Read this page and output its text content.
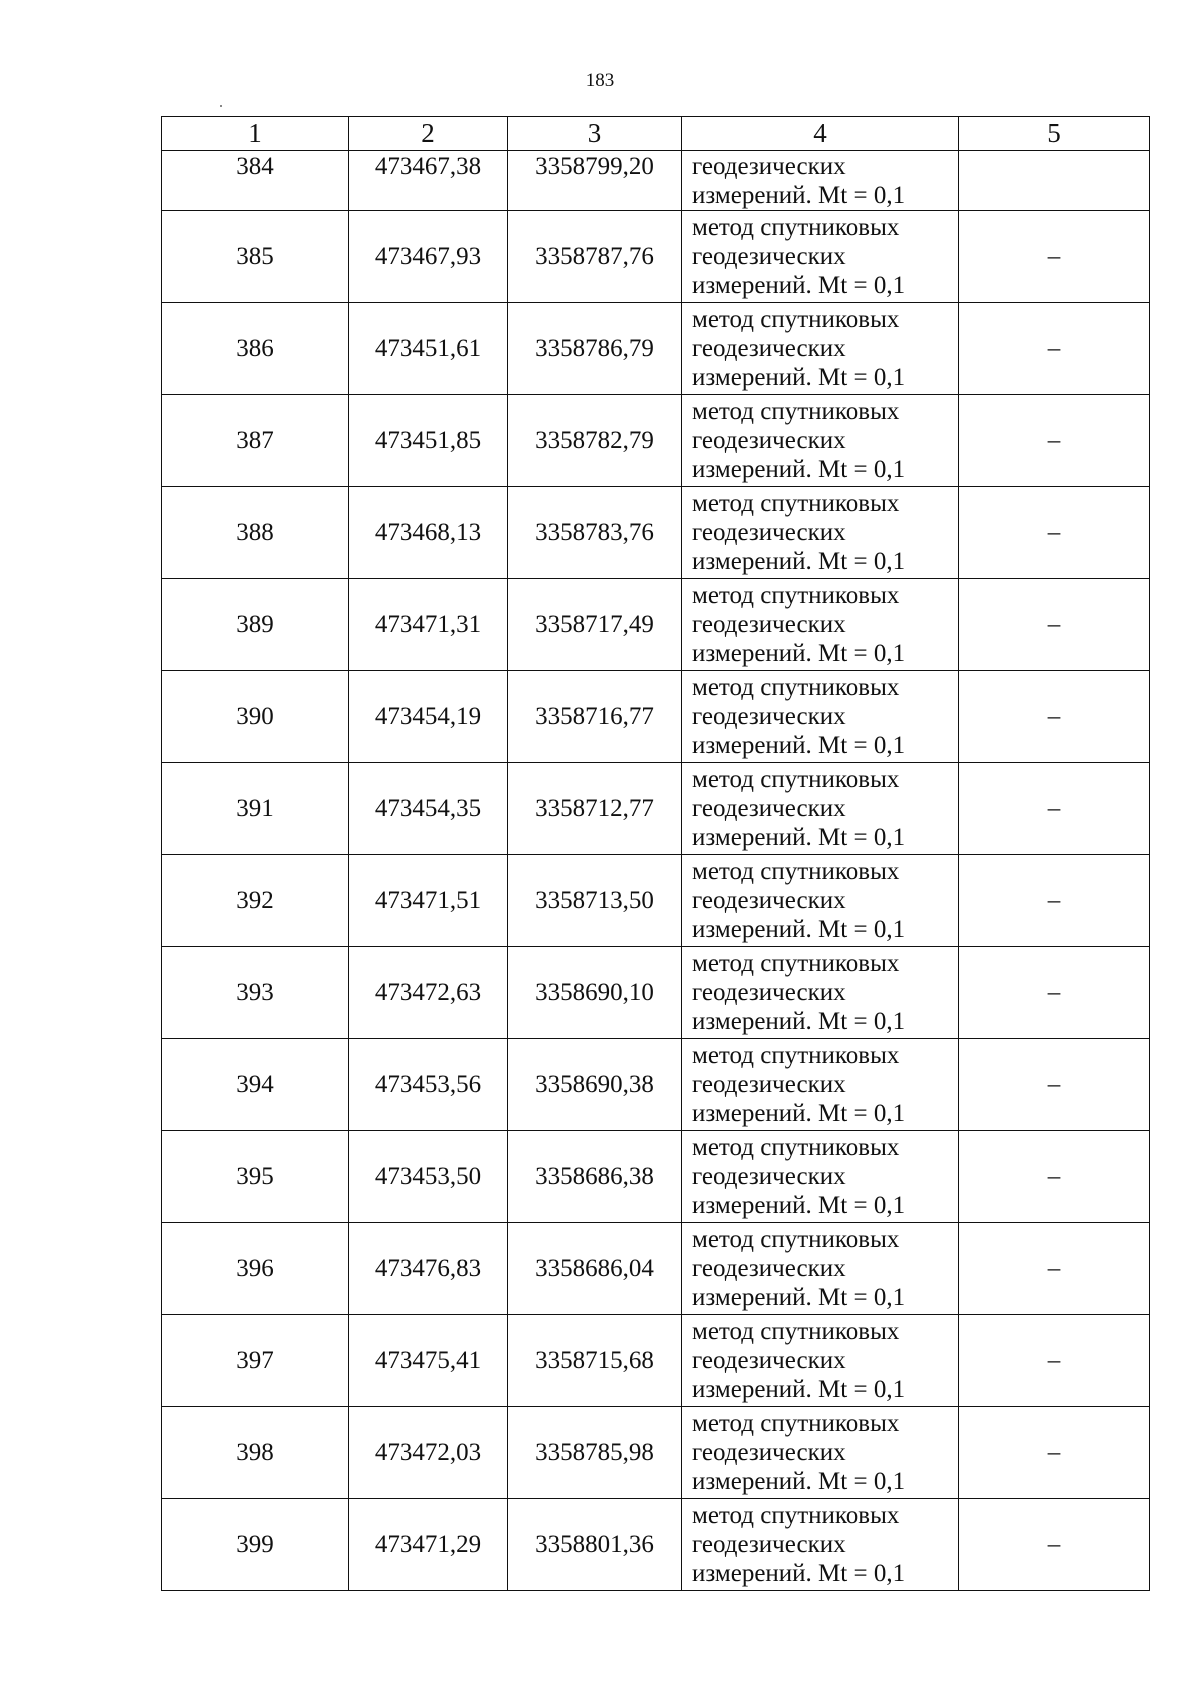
183
1	2	3	4	5
384	473467,38	3358799,20	геодезических
измерений. Mt = 0,1	

385	473467,93	3358787,76	метод спутниковых
геодезических
измерений. Mt = 0,1	–
386	473451,61	3358786,79	метод спутниковых
геодезических
измерений. Mt = 0,1	–
387	473451,85	3358782,79	метод спутниковых
геодезических
измерений. Mt = 0,1	–
388	473468,13	3358783,76	метод спутниковых
геодезических
измерений. Mt = 0,1	–
389	473471,31	3358717,49	метод спутниковых
геодезических
измерений. Mt = 0,1	–
390	473454,19	3358716,77	метод спутниковых
геодезических
измерений. Mt = 0,1	–
391	473454,35	3358712,77	метод спутниковых
геодезических
измерений. Mt = 0,1	–
392	473471,51	3358713,50	метод спутниковых
геодезических
измерений. Mt = 0,1	–
393	473472,63	3358690,10	метод спутниковых
геодезических
измерений. Mt = 0,1	–
394	473453,56	3358690,38	метод спутниковых
геодезических
измерений. Mt = 0,1	–
395	473453,50	3358686,38	метод спутниковых
геодезических
измерений. Mt = 0,1	–
396	473476,83	3358686,04	метод спутниковых
геодезических
измерений. Mt = 0,1	–
397	473475,41	3358715,68	метод спутниковых
геодезических
измерений. Mt = 0,1	–
398	473472,03	3358785,98	метод спутниковых
геодезических
измерений. Mt = 0,1	–
399	473471,29	3358801,36	метод спутниковых
геодезических
измерений. Mt = 0,1	–
